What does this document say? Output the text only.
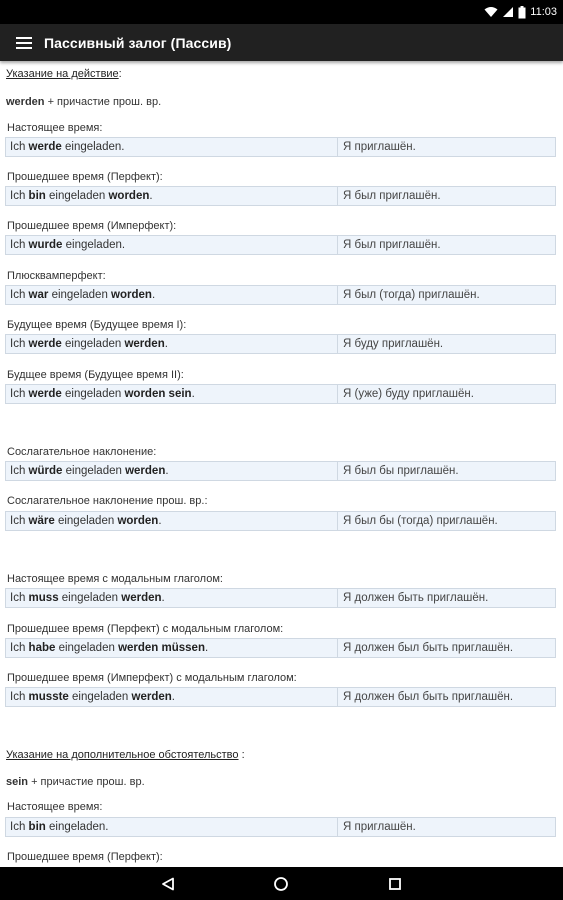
11:03
Пассивный залог (Пассив)
Указание на действие:
werden + причастие прош. вр.
Настоящее время:
Ich werde eingeladen.	Я приглашён.
Прошедшее время (Перфект):
Ich bin eingeladen worden.	Я был приглашён.
Прошедшее время (Имперфект):
Ich wurde eingeladen.	Я был приглашён.
Плюсквамперфект:
Ich war eingeladen worden.	Я был (тогда) приглашён.
Будущее время (Будущее время I):
Ich werde eingeladen werden.	Я буду приглашён.
Будщее время (Будущее время II):
Ich werde eingeladen worden sein.	Я (уже) буду приглашён.
Сослагательное наклонение:
Ich würde eingeladen werden.	Я был бы приглашён.
Сослагательное наклонение прош. вр.:
Ich wäre eingeladen worden.	Я был бы (тогда) приглашён.
Настоящее время с модальным глаголом:
Ich muss eingeladen werden.	Я должен быть приглашён.
Прошедшее время (Перфект) с модальным глаголом:
Ich habe eingeladen werden müssen.	Я должен был быть приглашён.
Прошедшее время (Имперфект) с модальным глаголом:
Ich musste eingeladen werden.	Я должен был быть приглашён.
Указание на дополнительное обстоятельство :
sein + причастие прош. вр.
Настоящее время:
Ich bin eingeladen.	Я приглашён.
Прошедшее время (Перфект):
